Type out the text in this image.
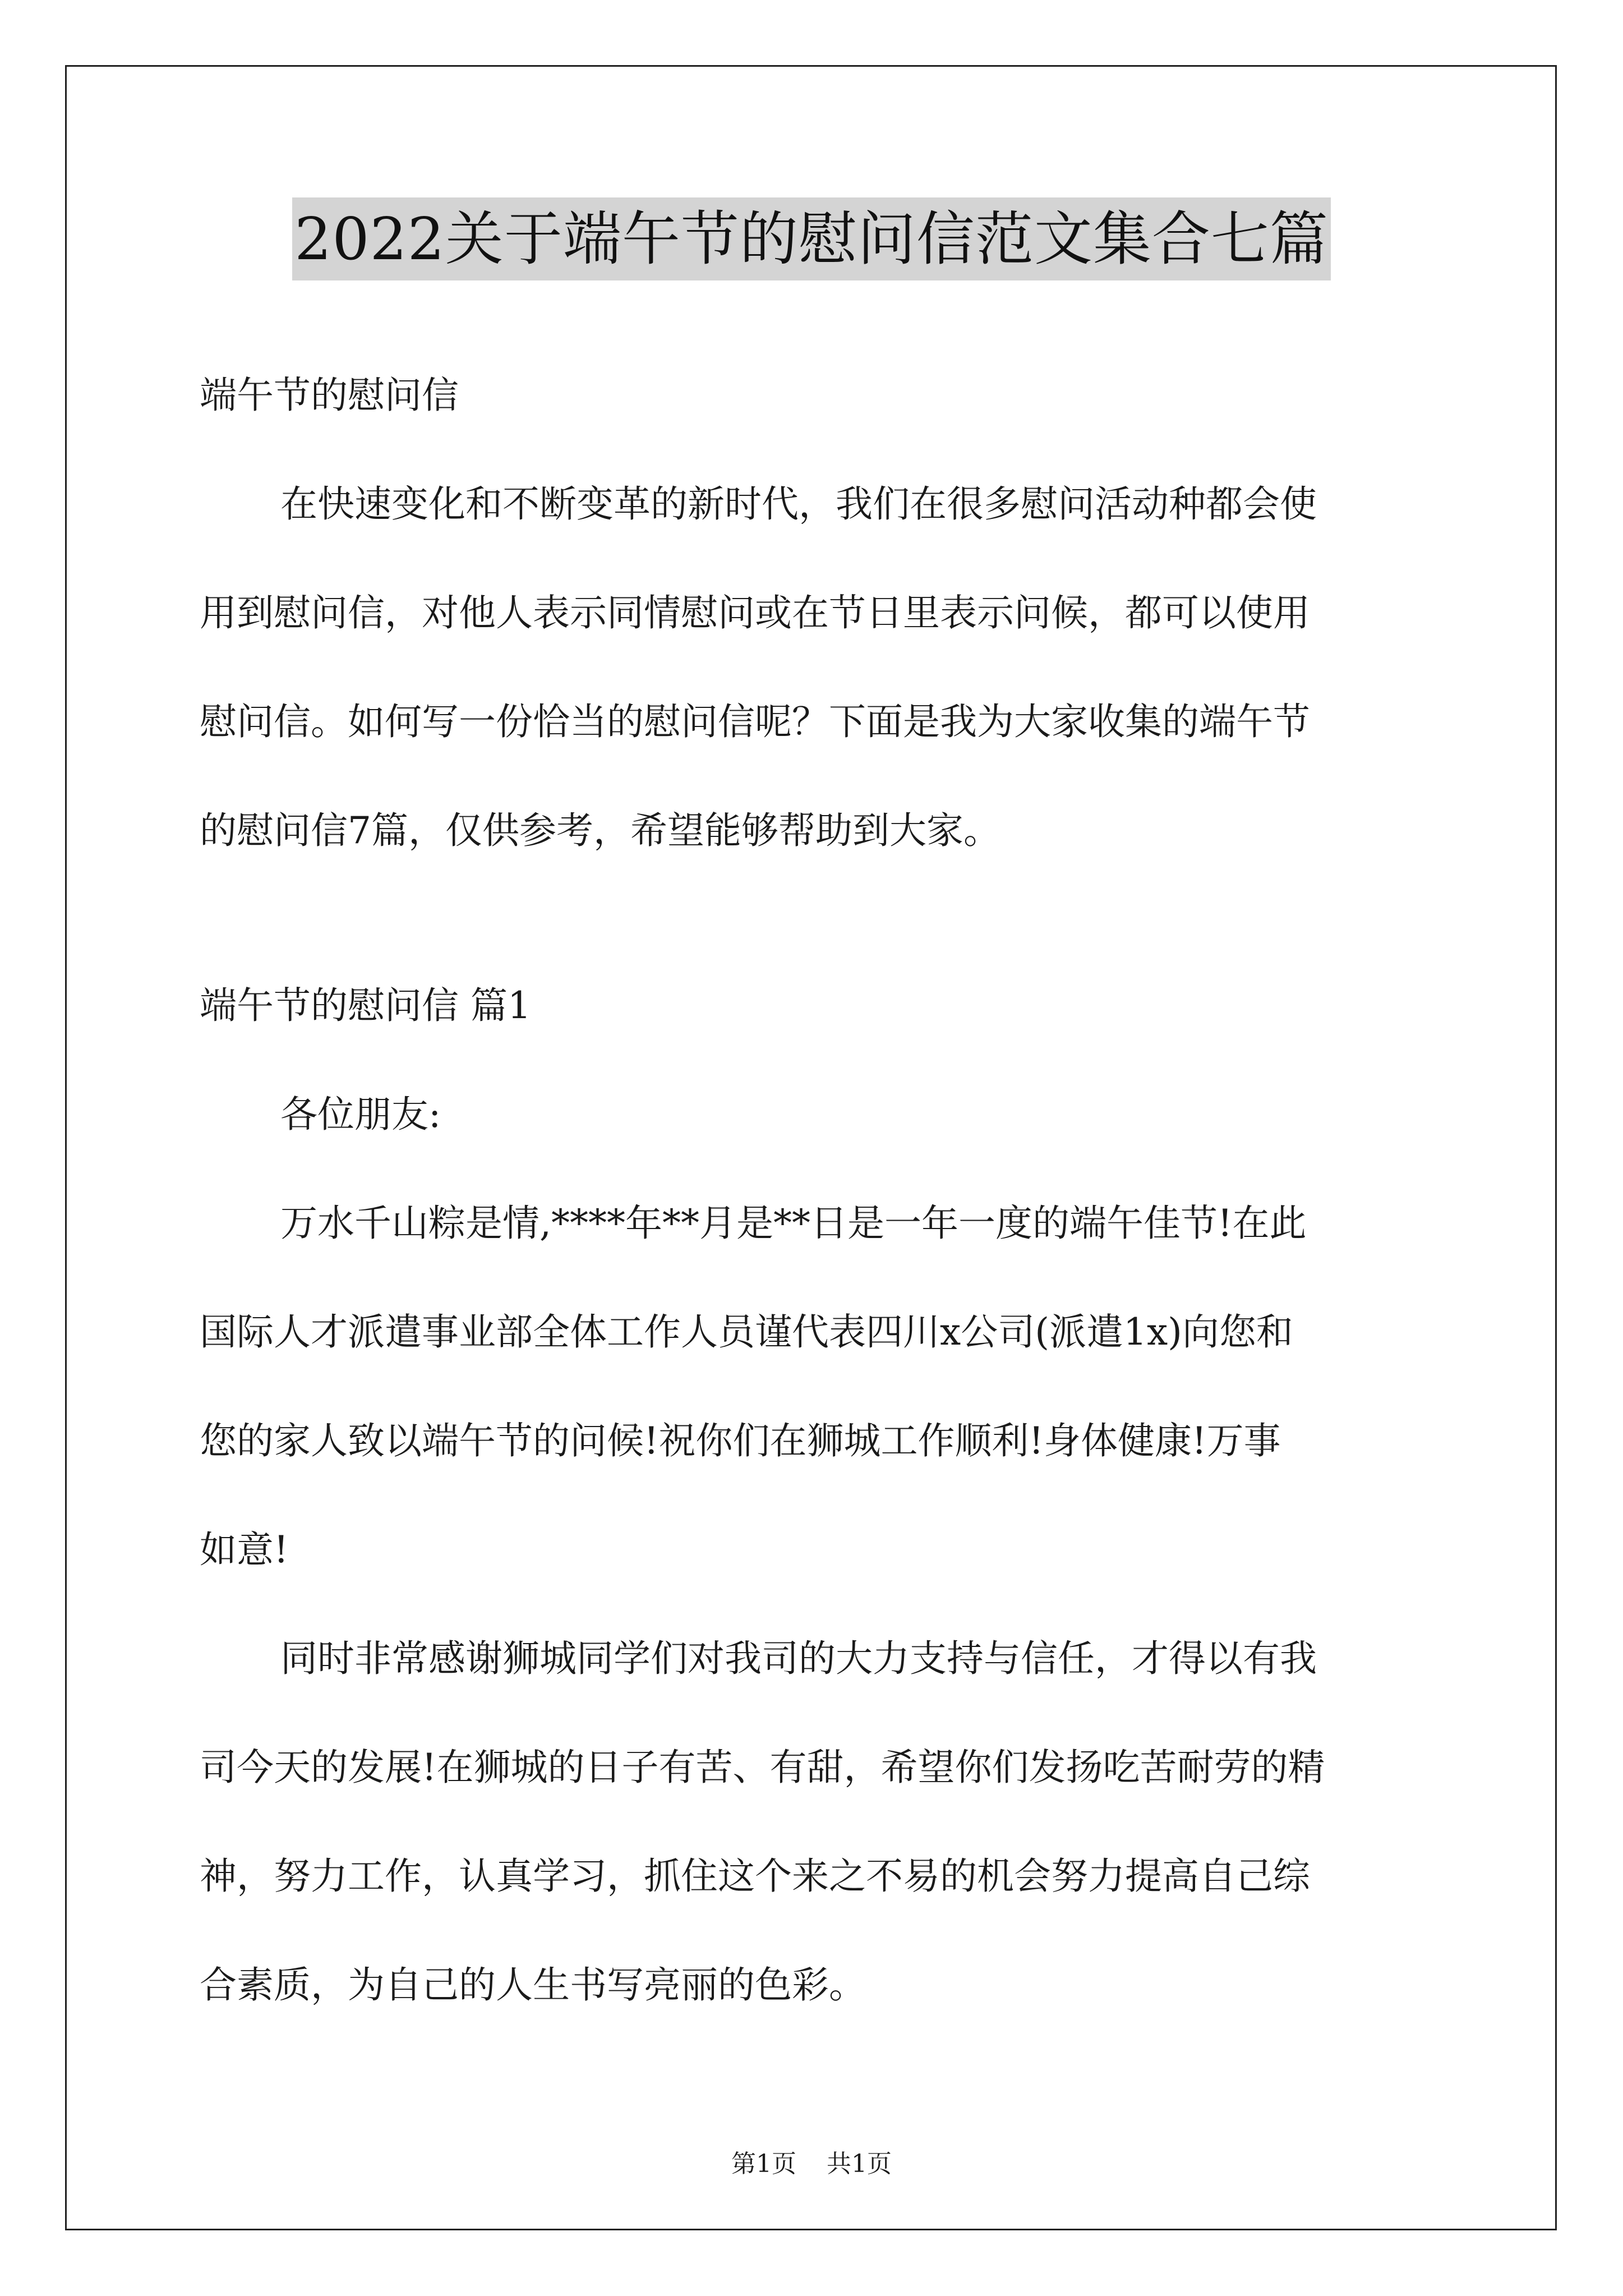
2022关于端午节的慰问信范文集合七篇
端午节的慰问信
在快速变化和不断变革的新时代，我们在很多慰问活动种都会使
用到慰问信，对他人表示同情慰问或在节日里表示问候，都可以使用
慰问信。如何写一份恰当的慰问信呢？下面是我为大家收集的端午节
的慰问信7篇，仅供参考，希望能够帮助到大家。
端午节的慰问信 篇1
各位朋友:
万水千山粽是情,****年**月是**日是一年一度的端午佳节!在此
国际人才派遣事业部全体工作人员谨代表四川x公司(派遣1x)向您和
您的家人致以端午节的问候!祝你们在狮城工作顺利!身体健康!万事
如意!
同时非常感谢狮城同学们对我司的大力支持与信任，才得以有我
司今天的发展!在狮城的日子有苦、有甜，希望你们发扬吃苦耐劳的精
神，努力工作，认真学习，抓住这个来之不易的机会努力提高自己综
合素质，为自己的人生书写亮丽的色彩。
第1页 共1页
